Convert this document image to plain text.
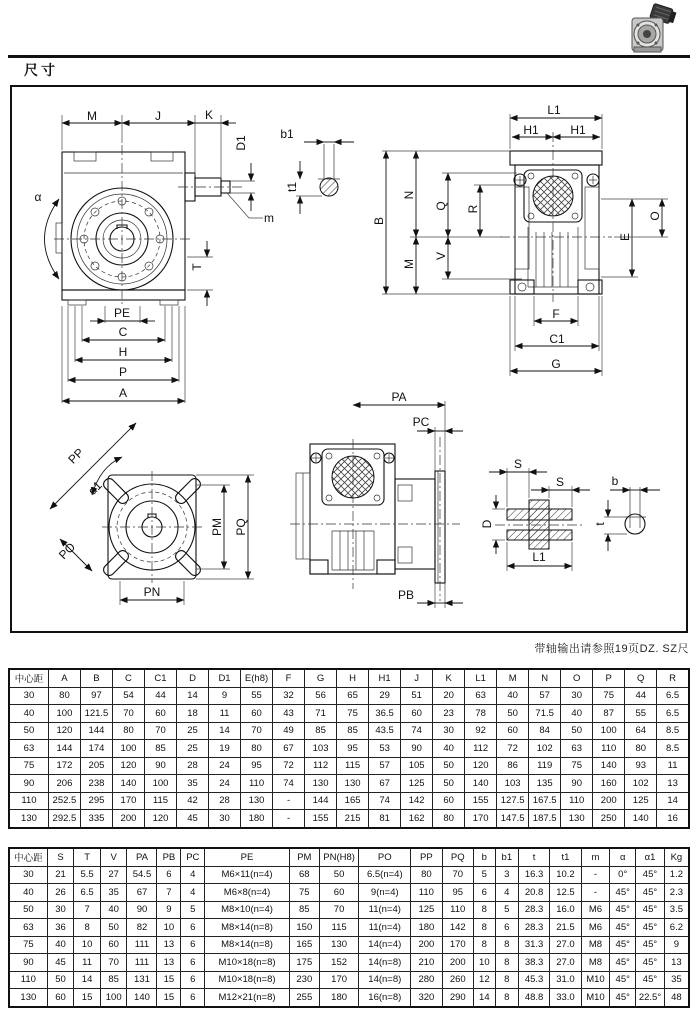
尺寸
M	J	K
D1
m
α
T
PE
C
H
P
A
b1
t1
L1
H1	H1
B
N
Q R
M
V
E
O
F
C1
G
PP
α1
PO
PM PQ
PN
PA
PC
PB
S
S
D
L1
b
t
带轴输出请参照19页DZ. SZ尺
中心距	A	B	C	C1	D	D1	E(h8)	F	G	H	H1	J	K	L1	M	N	O	P	Q	R
30	80	97	54	44	14	9	55	32	56	65	29	51	20	63	40	57	30	75	44	6.5
40	100	121.5	70	60	18	11	60	43	71	75	36.5	60	23	78	50	71.5	40	87	55	6.5
50	120	144	80	70	25	14	70	49	85	85	43.5	74	30	92	60	84	50	100	64	8.5
63	144	174	100	85	25	19	80	67	103	95	53	90	40	112	72	102	63	110	80	8.5
75	172	205	120	90	28	24	95	72	112	115	57	105	50	120	86	119	75	140	93	11
90	206	238	140	100	35	24	110	74	130	130	67	125	50	140	103	135	90	160	102	13
110	252.5	295	170	115	42	28	130	-	144	165	74	142	60	155	127.5	167.5	110	200	125	14
130	292.5	335	200	120	45	30	180	-	155	215	81	162	80	170	147.5	187.5	130	250	140	16
中心距	S	T	V	PA	PB	PC	PE	PM	PN(H8)	PO	PP	PQ	b	b1	t	t1	m	α	α1	Kg
30	21	5.5	27	54.5	6	4	M6×11(n=4)	68	50	6.5(n=4)	80	70	5	3	16.3	10.2	-	0°	45°	1.2
40	26	6.5	35	67	7	4	M6×8(n=4)	75	60	9(n=4)	110	95	6	4	20.8	12.5	-	45°	45°	2.3
50	30	7	40	90	9	5	M8×10(n=4)	85	70	11(n=4)	125	110	8	5	28.3	16.0	M6	45°	45°	3.5
63	36	8	50	82	10	6	M8×14(n=8)	150	115	11(n=4)	180	142	8	6	28.3	21.5	M6	45°	45°	6.2
75	40	10	60	111	13	6	M8×14(n=8)	165	130	14(n=4)	200	170	8	8	31.3	27.0	M8	45°	45°	9
90	45	11	70	111	13	6	M10×18(n=8)	175	152	14(n=8)	210	200	10	8	38.3	27.0	M8	45°	45°	13
110	50	14	85	131	15	6	M10×18(n=8)	230	170	14(n=8)	280	260	12	8	45.3	31.0	M10	45°	45°	35
130	60	15	100	140	15	6	M12×21(n=8)	255	180	16(n=8)	320	290	14	8	48.8	33.0	M10	45°	22.5°	48
